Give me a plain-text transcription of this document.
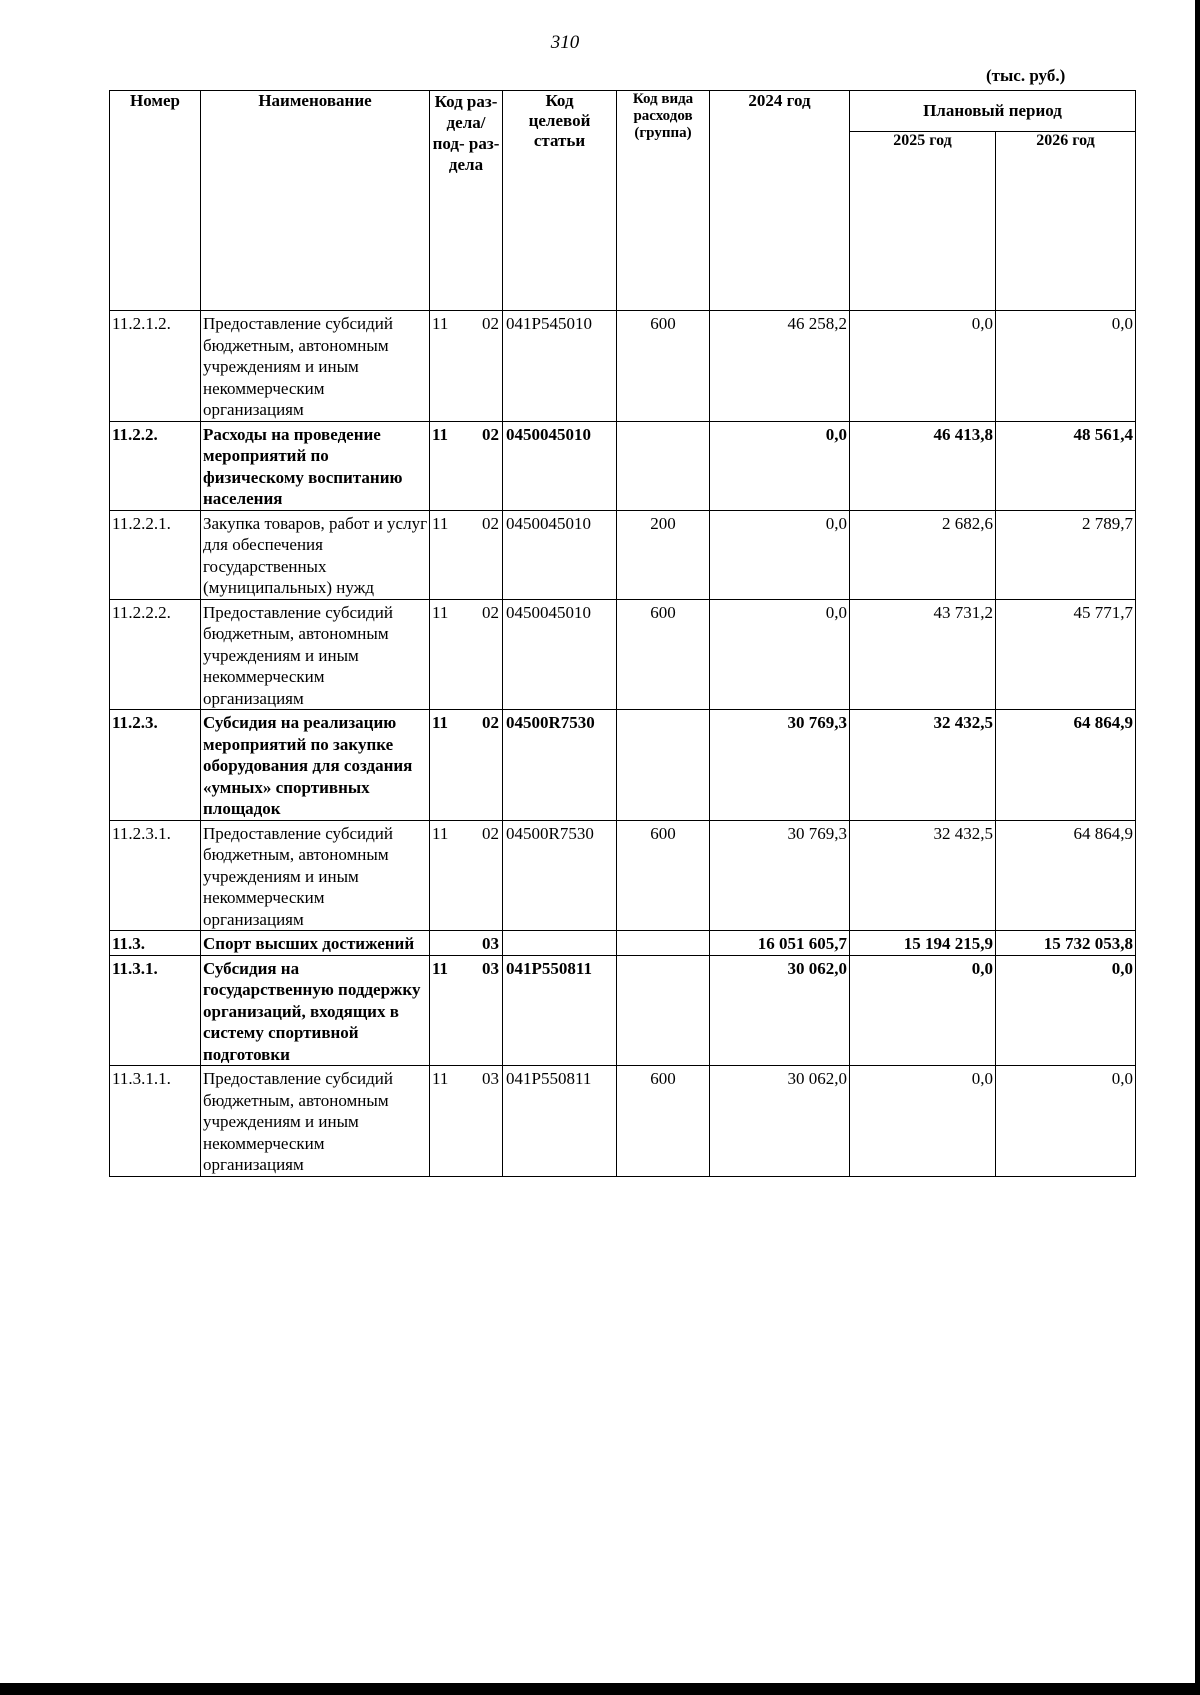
310
(тыс. руб.)
Номер	Наименование	Код раз- дела/ под- раз- дела	Код целевой статьи	Код вида расходов (группа)	2024 год	Плановый период	
						2025 год	2026 год
11.2.1.2.	Предоставление субсидий бюджетным, автономным учреждениям и иным некоммерческим организациям	11 02	041P545010	600	46 258,2	0,0	0,0
11.2.2.	Расходы на проведение мероприятий по физическому воспитанию населения	11 02	0450045010		0,0	46 413,8	48 561,4
11.2.2.1.	Закупка товаров, работ и услуг для обеспечения государственных (муниципальных) нужд	11 02	0450045010	200	0,0	2 682,6	2 789,7
11.2.2.2.	Предоставление субсидий бюджетным, автономным учреждениям и иным некоммерческим организациям	11 02	0450045010	600	0,0	43 731,2	45 771,7
11.2.3.	Субсидия на реализацию мероприятий по закупке оборудования для создания «умных» спортивных площадок	11 02	04500R7530		30 769,3	32 432,5	64 864,9
11.2.3.1.	Предоставление субсидий бюджетным, автономным учреждениям и иным некоммерческим организациям	11 02	04500R7530	600	30 769,3	32 432,5	64 864,9
11.3.	Спорт высших достижений	03			16 051 605,7	15 194 215,9	15 732 053,8
11.3.1.	Субсидия на государственную поддержку организаций, входящих в систему спортивной подготовки	11 03	041P550811		30 062,0	0,0	0,0
11.3.1.1.	Предоставление субсидий бюджетным, автономным учреждениям и иным некоммерческим организациям	11 03	041P550811	600	30 062,0	0,0	0,0
